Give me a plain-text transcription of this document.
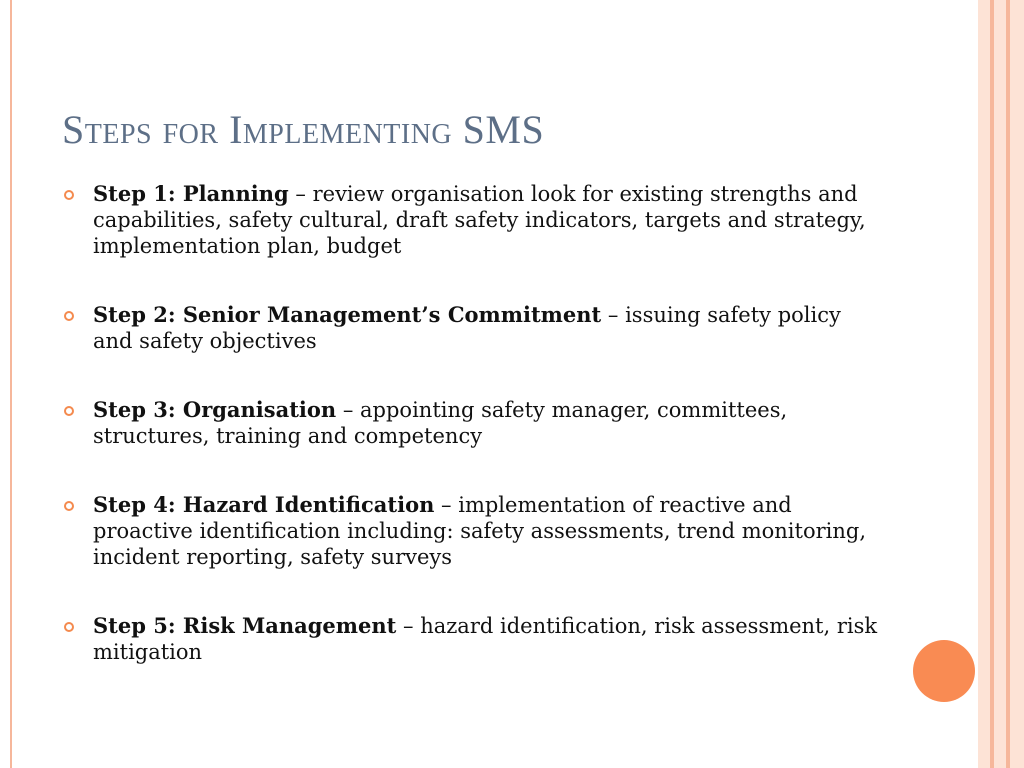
Steps for Implementing SMS
Step 1: Planning – review organisation look for existing strengths and capabilities, safety cultural, draft safety indicators, targets and strategy, implementation plan, budget
Step 2: Senior Management’s Commitment – issuing safety policy and safety objectives
Step 3: Organisation – appointing safety manager, committees, structures, training and competency
Step 4: Hazard Identification – implementation of reactive and proactive identification including: safety assessments, trend monitoring, incident reporting, safety surveys
Step 5: Risk Management – hazard identification, risk assessment, risk mitigation
